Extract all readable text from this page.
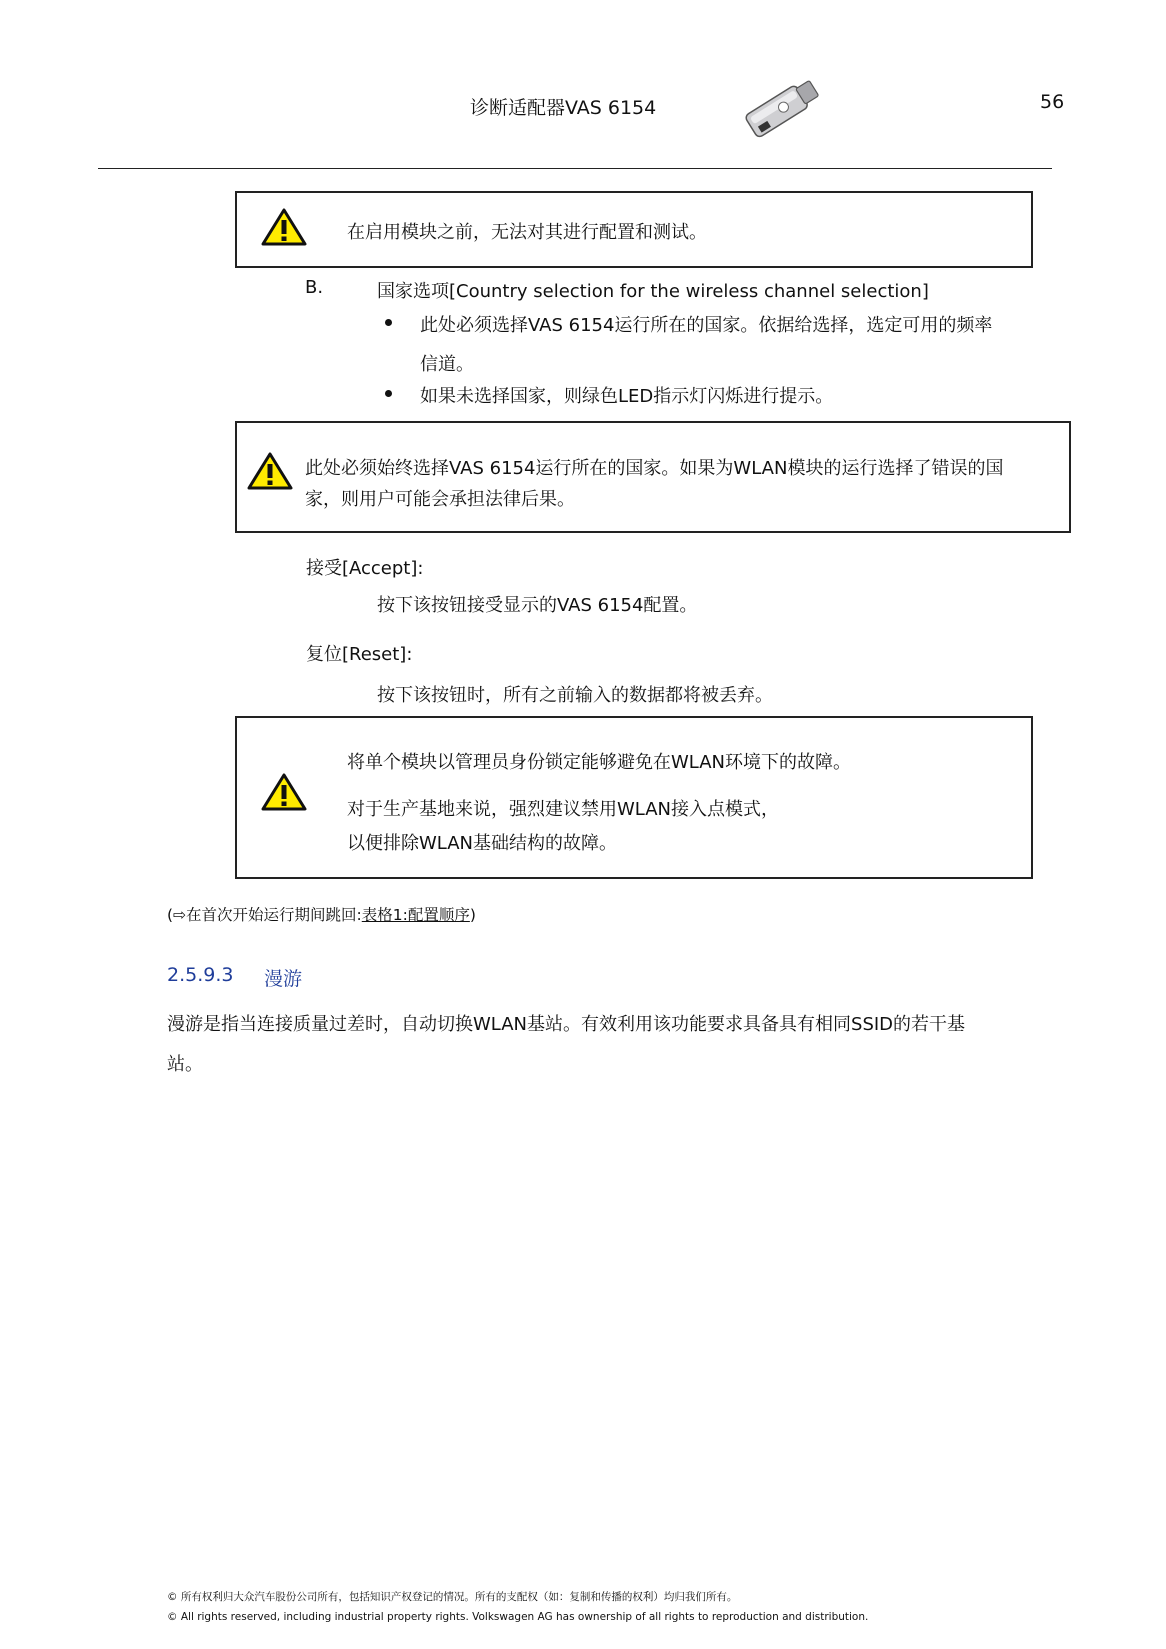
诊断适配器VAS 6154	56
在启用模块之前，无法对其进行配置和测试。
B.	国家选项[Country selection for the wireless channel selection]
此处必须选择VAS 6154运行所在的国家。依据给选择，选定可用的频率
信道。
如果未选择国家，则绿色LED指示灯闪烁进行提示。
此处必须始终选择VAS 6154运行所在的国家。如果为WLAN模块的运行选择了错误的国
家，则用户可能会承担法律后果。
接受[Accept]:
按下该按钮接受显示的VAS 6154配置。
复位[Reset]:
按下该按钮时，所有之前输入的数据都将被丢弃。
将单个模块以管理员身份锁定能够避免在WLAN环境下的故障。
对于生产基地来说，强烈建议禁用WLAN接入点模式，
以便排除WLAN基础结构的故障。
(⇨在首次开始运行期间跳回:表格1:配置顺序)
2.5.9.3 漫游
漫游是指当连接质量过差时，自动切换WLAN基站。有效利用该功能要求具备具有相同SSID的若干基
站。
© 所有权利归大众汽车股份公司所有，包括知识产权登记的情况。所有的支配权（如：复制和传播的权利）均归我们所有。
© All rights reserved, including industrial property rights. Volkswagen AG has ownership of all rights to reproduction and distribution.
